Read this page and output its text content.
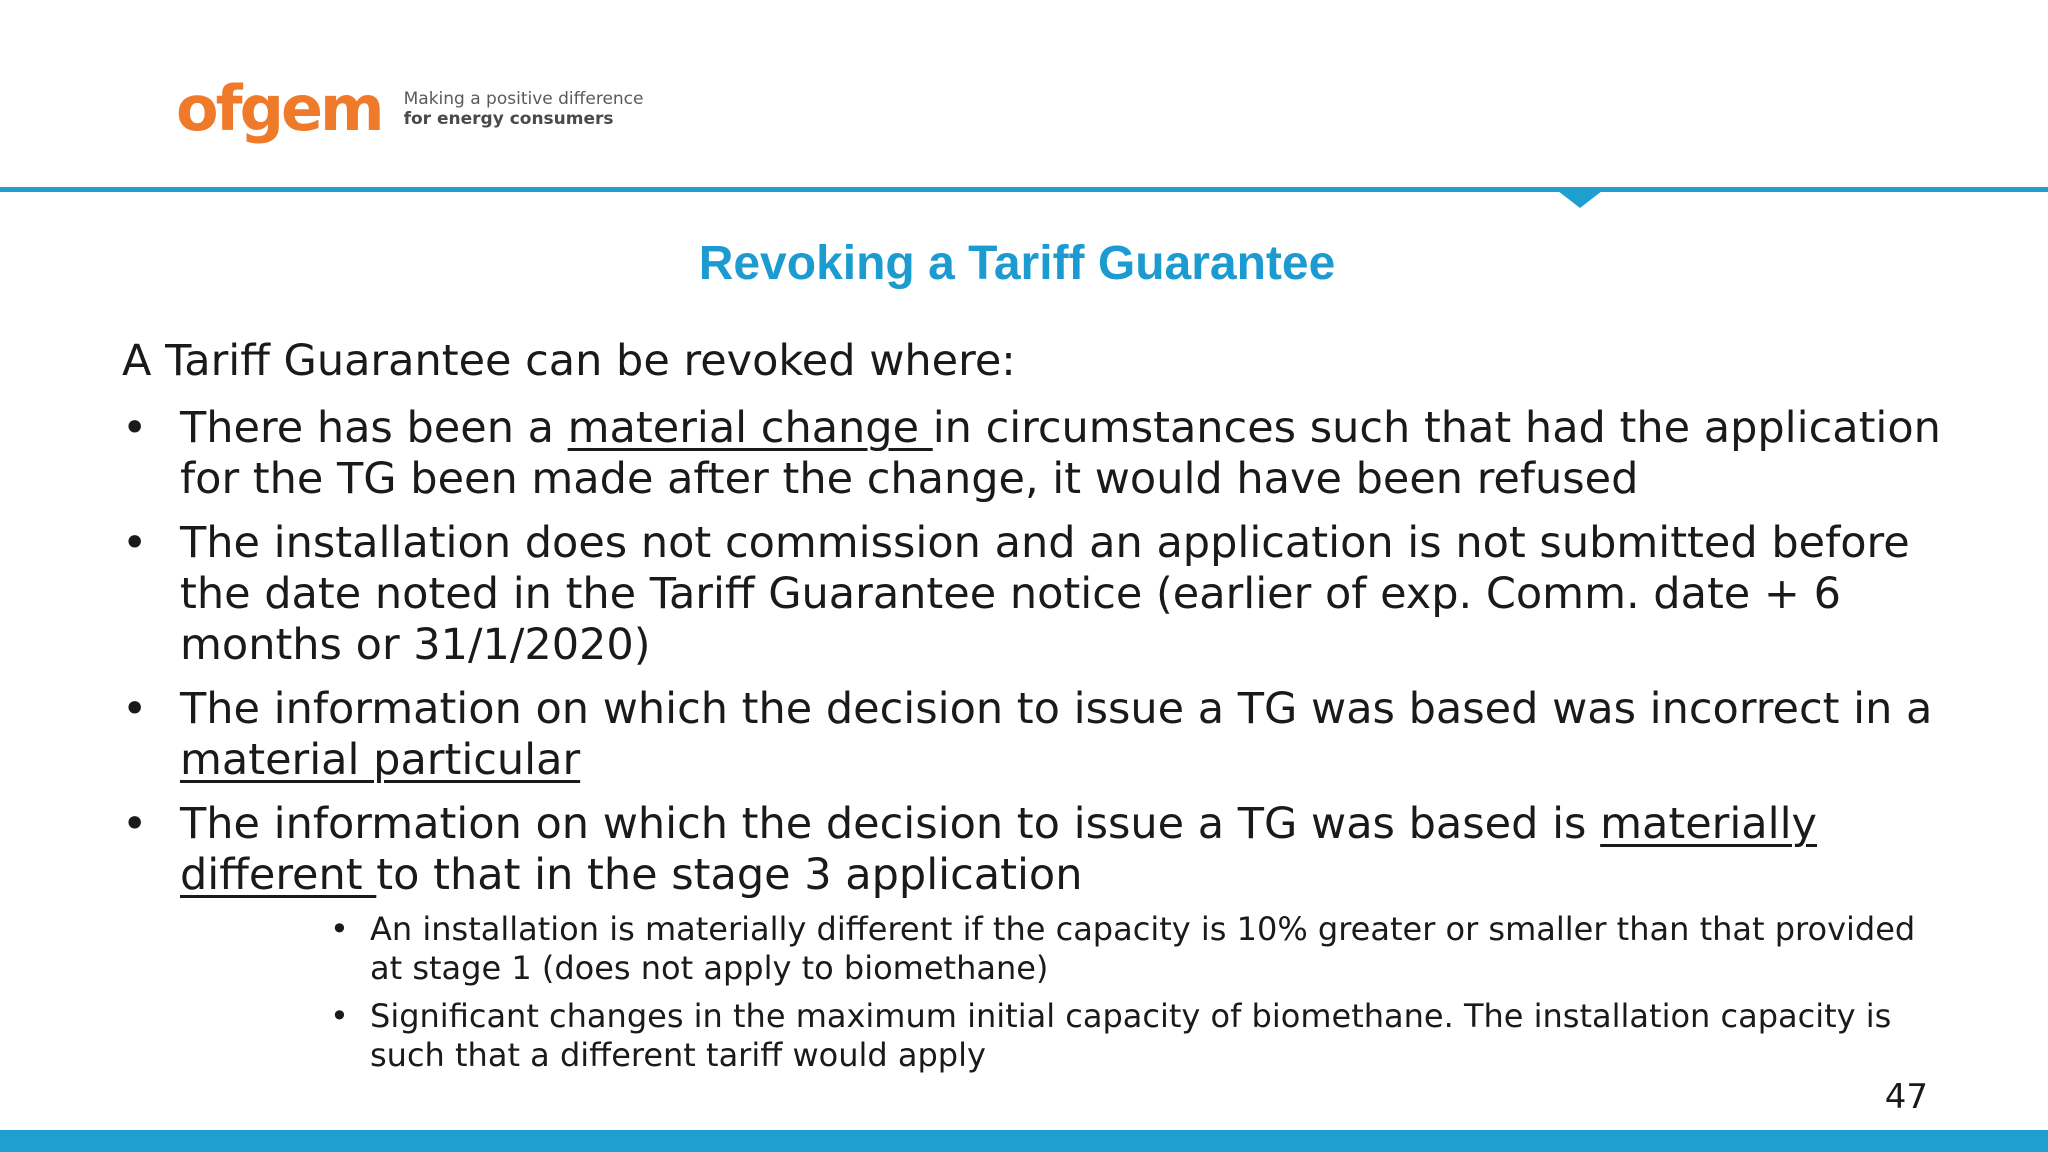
ofgem Making a positive difference
for energy consumers
Revoking a Tariff Guarantee

A Tariff Guarantee can be revoked where:

• There has been a material change in circumstances such that had the application for the TG been made after the change, it would have been refused
• The installation does not commission and an application is not submitted before the date noted in the Tariff Guarantee notice (earlier of exp. Comm. date + 6 months or 31/1/2020)
• The information on which the decision to issue a TG was based was incorrect in a material particular
• The information on which the decision to issue a TG was based is materially different to that in the stage 3 application
• An installation is materially different if the capacity is 10% greater or smaller than that provided at stage 1 (does not apply to biomethane)
• Significant changes in the maximum initial capacity of biomethane. The installation capacity is such that a different tariff would apply
47
